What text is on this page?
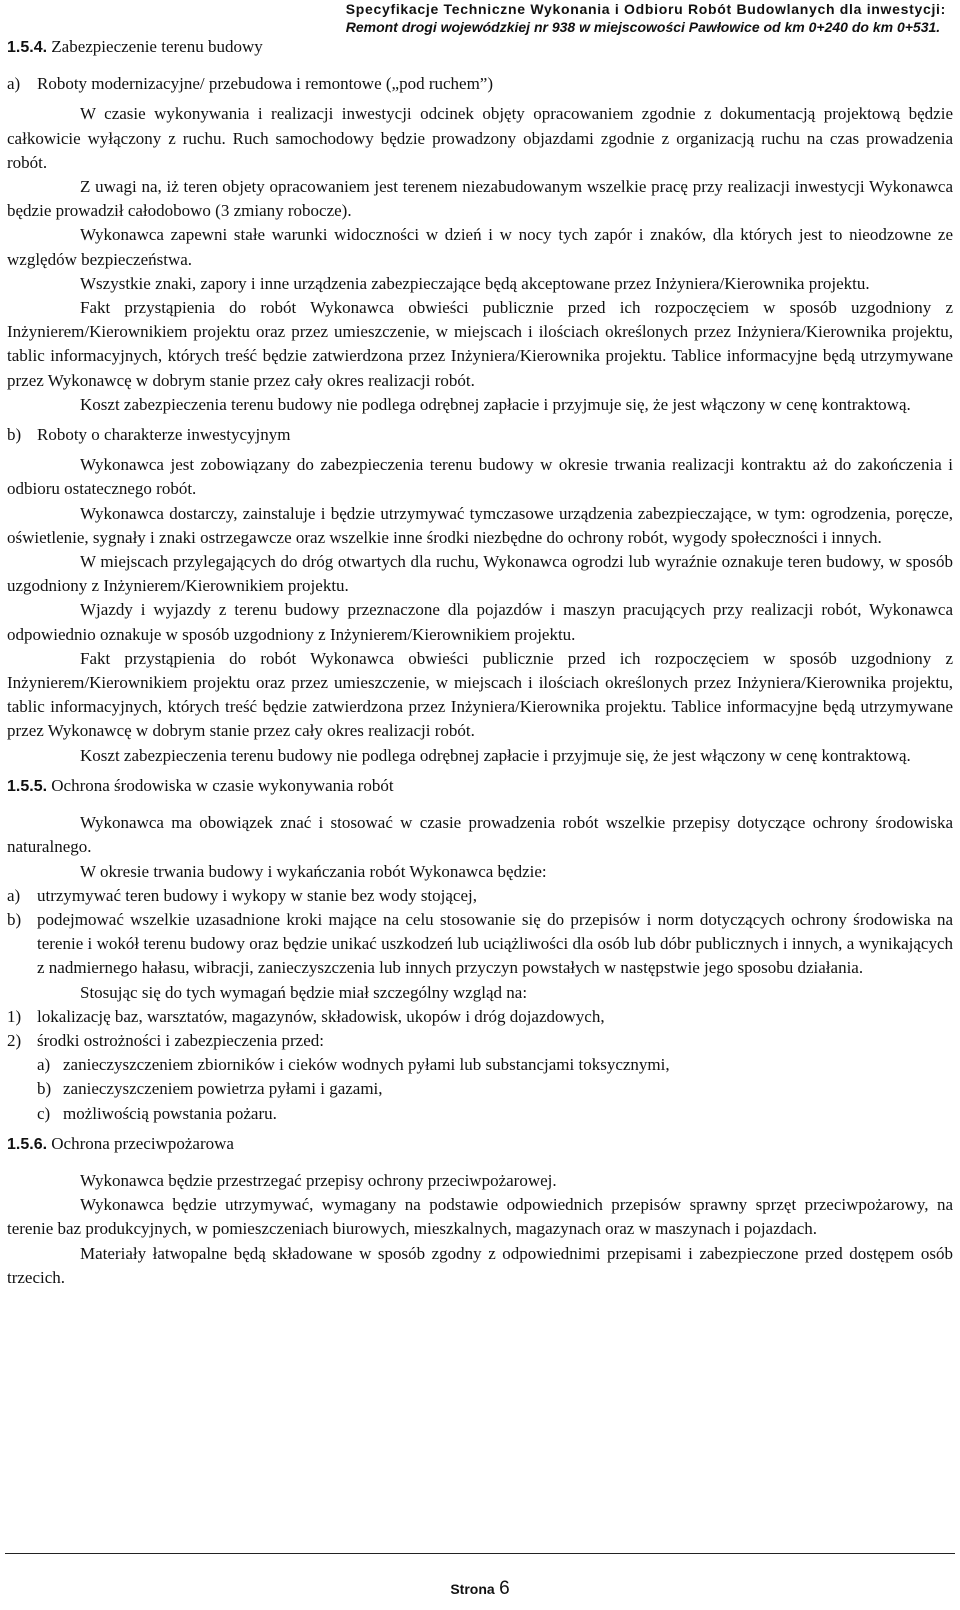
Specyfikacje Techniczne Wykonania i Odbioru Robót Budowlanych dla inwestycji:
Remont drogi wojewódzkiej nr 938 w miejscowości Pawłowice od km 0+240 do km 0+531.
1.5.4. Zabezpieczenie terenu budowy
a) Roboty modernizacyjne/ przebudowa i remontowe („pod ruchem”)

W czasie wykonywania i realizacji inwestycji odcinek objęty opracowaniem zgodnie z dokumentacją projektową będzie całkowicie wyłączony z ruchu. Ruch samochodowy będzie prowadzony objazdami zgodnie z organizacją ruchu na czas prowadzenia robót.

Z uwagi na, iż teren objety opracowaniem jest terenem niezabudowanym wszelkie pracę przy realizacji inwestycji Wykonawca będzie prowadził całodobowo (3 zmiany robocze).

Wykonawca zapewni stałe warunki widoczności w dzień i w nocy tych zapór i znaków, dla których jest to nieodzowne ze względów bezpieczeństwa.

Wszystkie znaki, zapory i inne urządzenia zabezpieczające będą akceptowane przez Inżyniera/Kierownika projektu.

Fakt przystąpienia do robót Wykonawca obwieści publicznie przed ich rozpoczęciem w sposób uzgodniony z Inżynierem/Kierownikiem projektu oraz przez umieszczenie, w miejscach i ilościach określonych przez Inżyniera/Kierownika projektu, tablic informacyjnych, których treść będzie zatwierdzona przez Inżyniera/Kierownika projektu. Tablice informacyjne będą utrzymywane przez Wykonawcę w dobrym stanie przez cały okres realizacji robót.

Koszt zabezpieczenia terenu budowy nie podlega odrębnej zapłacie i przyjmuje się, że jest włączony w cenę kontraktową.

b) Roboty o charakterze inwestycyjnym

Wykonawca jest zobowiązany do zabezpieczenia terenu budowy w okresie trwania realizacji kontraktu aż do zakończenia i odbioru ostatecznego robót.

Wykonawca dostarczy, zainstaluje i będzie utrzymywać tymczasowe urządzenia zabezpieczające, w tym: ogrodzenia, poręcze, oświetlenie, sygnały i znaki ostrzegawcze oraz wszelkie inne środki niezbędne do ochrony robót, wygody społeczności i innych.

W miejscach przylegających do dróg otwartych dla ruchu, Wykonawca ogrodzi lub wyraźnie oznakuje teren budowy, w sposób uzgodniony z Inżynierem/Kierownikiem projektu.

Wjazdy i wyjazdy z terenu budowy przeznaczone dla pojazdów i maszyn pracujących przy realizacji robót, Wykonawca odpowiednio oznakuje w sposób uzgodniony z Inżynierem/Kierownikiem projektu.

Fakt przystąpienia do robót Wykonawca obwieści publicznie przed ich rozpoczęciem w sposób uzgodniony z Inżynierem/Kierownikiem projektu oraz przez umieszczenie, w miejscach i ilościach określonych przez Inżyniera/Kierownika projektu, tablic informacyjnych, których treść będzie zatwierdzona przez Inżyniera/Kierownika projektu. Tablice informacyjne będą utrzymywane przez Wykonawcę w dobrym stanie przez cały okres realizacji robót.

Koszt zabezpieczenia terenu budowy nie podlega odrębnej zapłacie i przyjmuje się, że jest włączony w cenę kontraktową.

1.5.5. Ochrona środowiska w czasie wykonywania robót

Wykonawca ma obowiązek znać i stosować w czasie prowadzenia robót wszelkie przepisy dotyczące ochrony środowiska naturalnego.

W okresie trwania budowy i wykańczania robót Wykonawca będzie:

a) utrzymywać teren budowy i wykopy w stanie bez wody stojącej,
b) podejmować wszelkie uzasadnione kroki mające na celu stosowanie się do przepisów i norm dotyczących ochrony środowiska na terenie i wokół terenu budowy oraz będzie unikać uszkodzeń lub uciążliwości dla osób lub dóbr publicznych i innych, a wynikających z nadmiernego hałasu, wibracji, zanieczyszczenia lub innych przyczyn powstałych w następstwie jego sposobu działania.

Stosując się do tych wymagań będzie miał szczególny wzgląd na:

1) lokalizację baz, warsztatów, magazynów, składowisk, ukopów i dróg dojazdowych,
2) środki ostrożności i zabezpieczenia przed:
a) zanieczyszczeniem zbiorników i cieków wodnych pyłami lub substancjami toksycznymi,
b) zanieczyszczeniem powietrza pyłami i gazami,
c) możliwością powstania pożaru.
1.5.6. Ochrona przeciwpożarowa

Wykonawca będzie przestrzegać przepisy ochrony przeciwpożarowej.

Wykonawca będzie utrzymywać, wymagany na podstawie odpowiednich przepisów sprawny sprzęt przeciwpożarowy, na terenie baz produkcyjnych, w pomieszczeniach biurowych, mieszkalnych, magazynach oraz w maszynach i pojazdach.

Materiały łatwopalne będą składowane w sposób zgodny z odpowiednimi przepisami i zabezpieczone przed dostępem osób trzecich.

Strona 6
